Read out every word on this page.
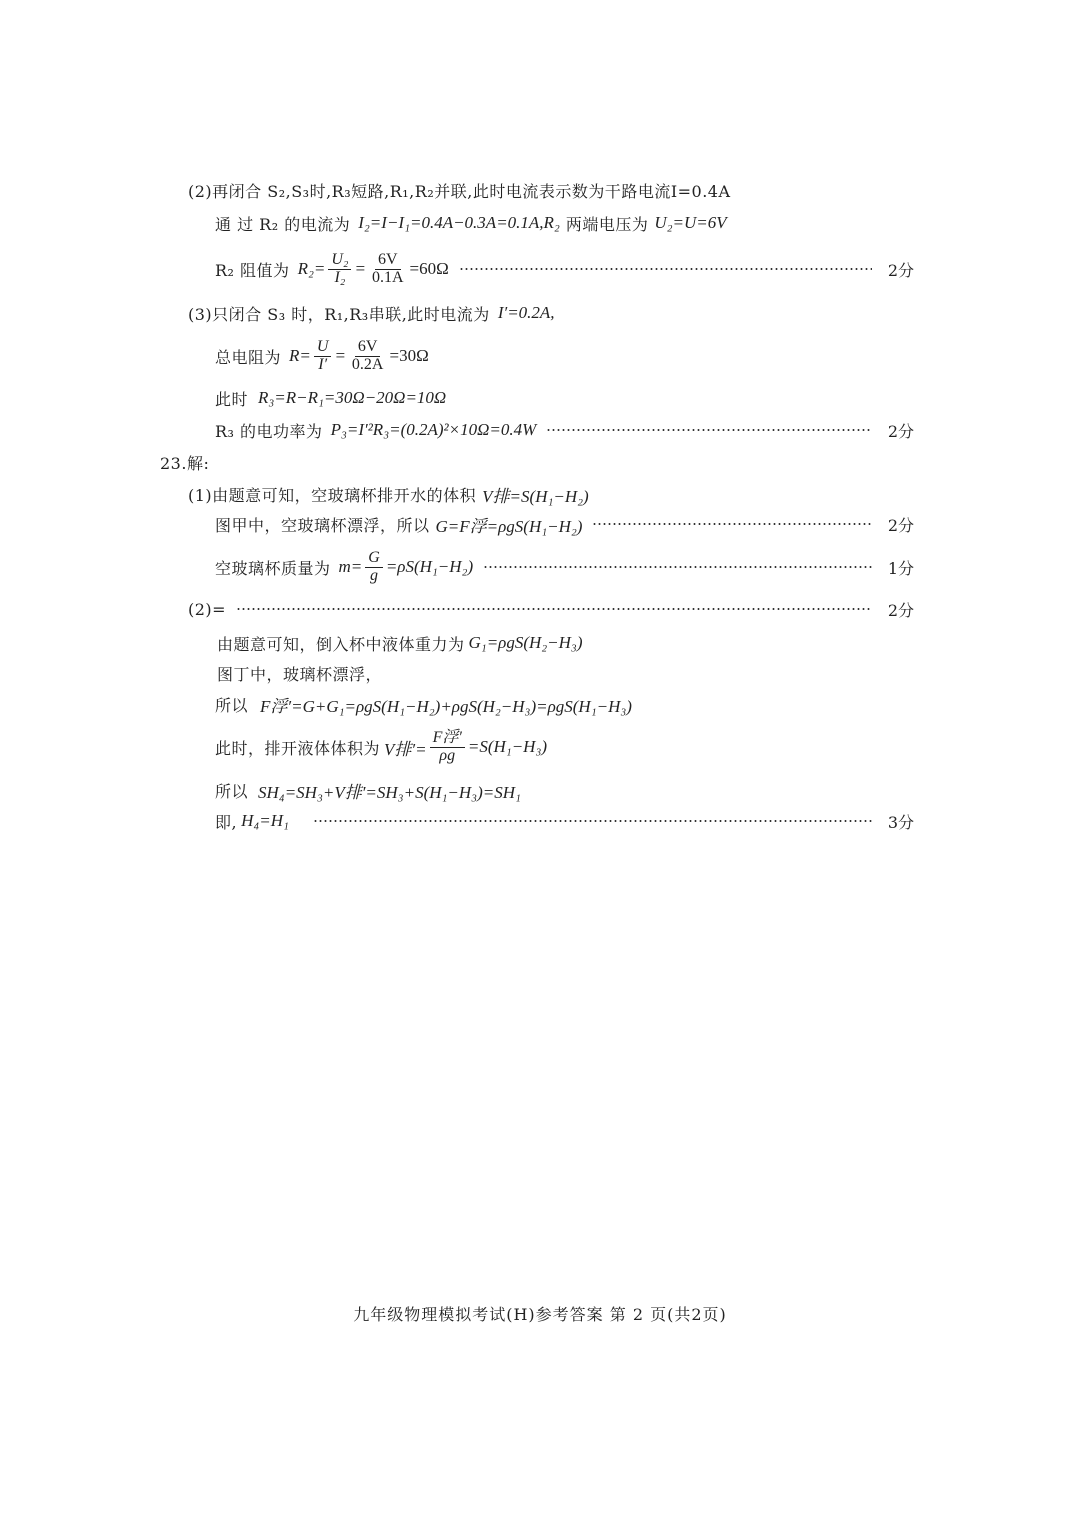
(2)再闭合 S₂,S₃时,R₃短路,R₁,R₂并联,此时电流表示数为干路电流I=0.4A
通 过 R₂ 的电流为 I₂=I−I₁=0.4A−0.3A=0.1A,R₂ 两端电压为 U₂=U=6V
R₂ 阻值为 $R_2= \frac{\text{U₂}}{\text{I₂}} = \frac{6V}{0.1A} =60\Omega$	2分
(3)只闭合 S₃ 时，R₁,R₃串联,此时电流为 I′=0.2A,
总电阻为 $R= \frac{U}{I'} = \frac{6V}{0.2A} =30\Omega$
此时 R₃=R−R₁=30Ω−20Ω=10Ω
R₃ 的电功率为 P₃=I′²R₃=(0.2A)²×10Ω=0.4W	2分
23.解:
(1)由题意可知，空玻璃杯排开水的体积 V排=S(H₁−H₂)
图甲中，空玻璃杯漂浮，所以 G=F浮=ρgS(H₁−H₂)	2分
空玻璃杯质量为 $m= \frac{G}{g} =\rho S(H_1-H_2)$	1分
(2)=	2分
由题意可知，倒入杯中液体重力为 G₁=ρgS(H₂−H₃)
图丁中，玻璃杯漂浮，
所以 F浮′=G+G₁=ρgS(H₁−H₂)+ρgS(H₂−H₃)=ρgS(H₁−H₃)
此时，排开液体体积为 V排′= $\frac{\text{F浮′}}{\rho g} =S(H_1-H_3)$
所以 SH₄=SH₃+V排′=SH₃+S(H₁−H₃)=SH₁
即, H₄=H₁	3分
九年级物理模拟考试(H)参考答案 第 2 页(共2页)
